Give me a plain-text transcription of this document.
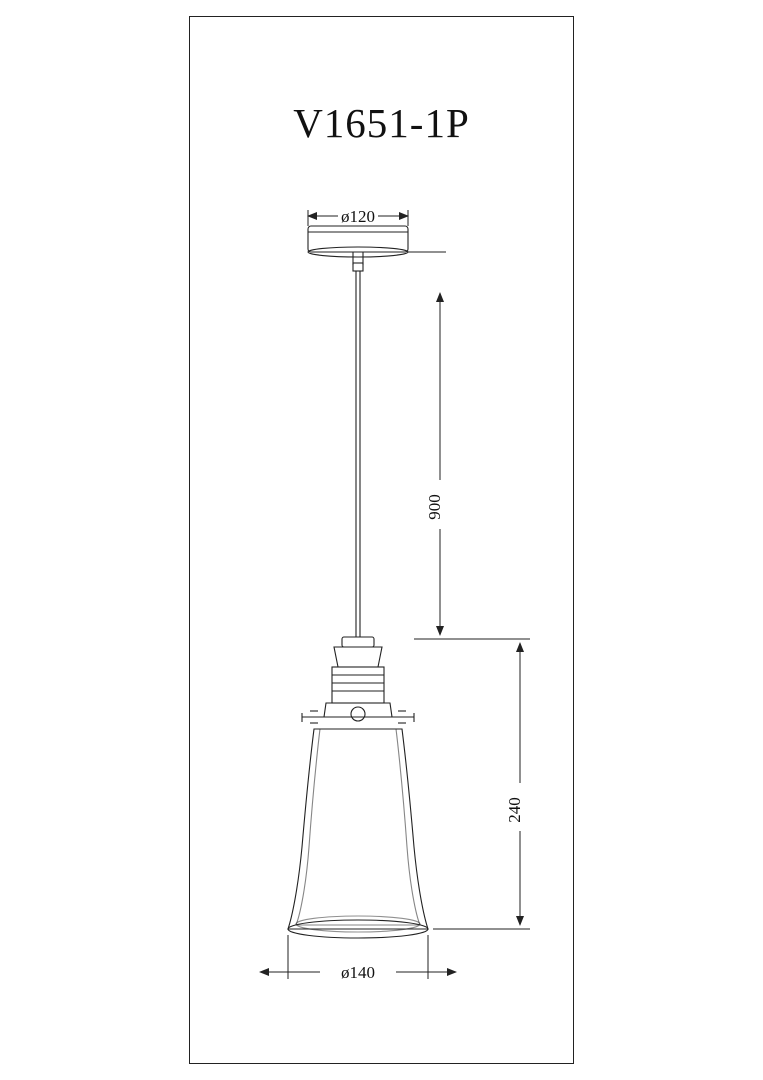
V1651-1P
ø120
900
240
ø140
